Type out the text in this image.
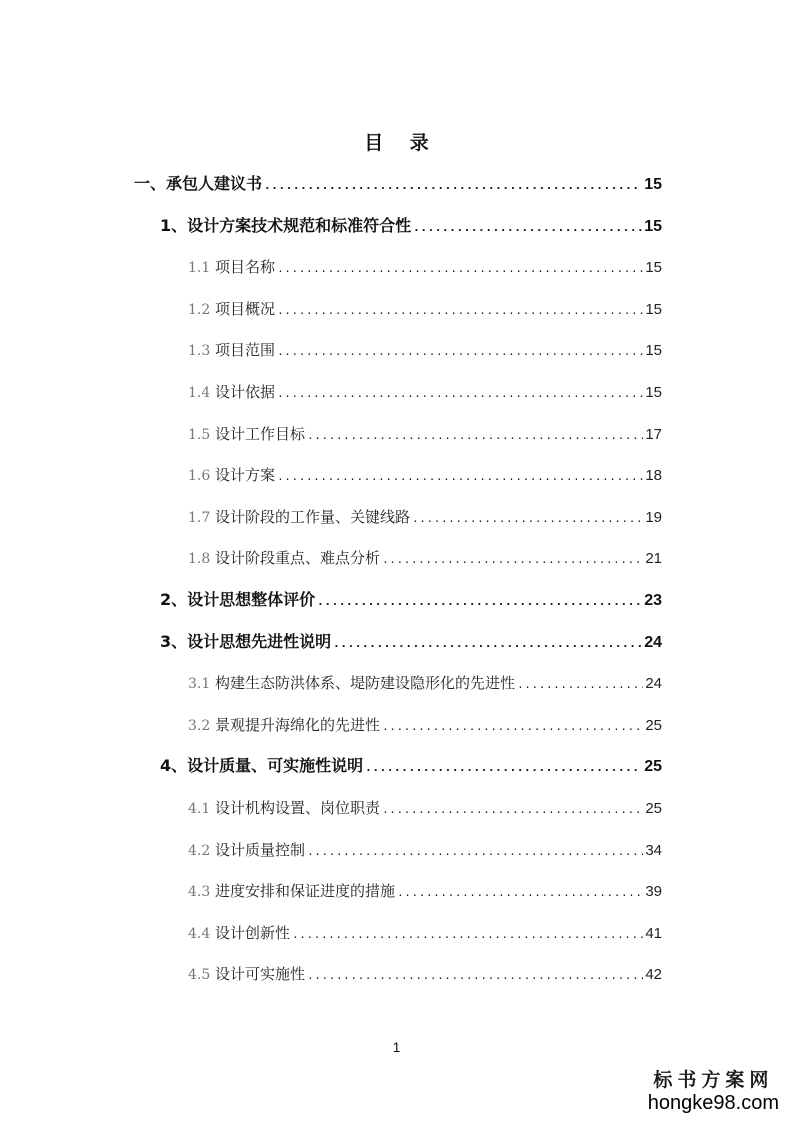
目 录
一、承包人建议书 .....	15
1、设计方案技术规范和标准符合性 .....	15
1.1 项目名称 .....	15
1.2 项目概况 .....	15
1.3 项目范围 .....	15
1.4 设计依据 .....	15
1.5 设计工作目标 .....	17
1.6 设计方案 .....	18
1.7 设计阶段的工作量、关键线路 .....	19
1.8 设计阶段重点、难点分析 .....	21
2、设计思想整体评价 .....	23
3、设计思想先进性说明 .....	24
3.1 构建生态防洪体系、堤防建设隐形化的先进性 .....	24
3.2 景观提升海绵化的先进性 .....	25
4、设计质量、可实施性说明 .....	25
4.1 设计机构设置、岗位职责 .....	25
4.2 设计质量控制 .....	34
4.3 进度安排和保证进度的措施 .....	39
4.4 设计创新性 .....	41
4.5 设计可实施性 .....	42
1
标书方案网
hongke98.com
